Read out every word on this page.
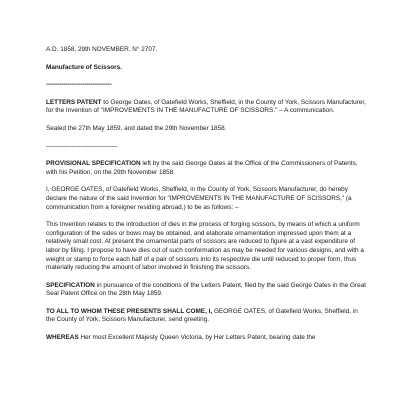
A.D. 1858, 29th NOVEMBER. N° 2707.

Manufacture of Scissors.

----------------------------------

LETTERS PATENT to George Oates, of Gatefield Works, Sheffield, in the County of York, Scissors Manufacturer, for the Invention of "IMPROVEMENTS IN THE MANUFACTURE OF SCISSORS." – A communication.

Sealed the 27th May 1859, and dated the 29th November 1858.

-------------------------------------

PROVISIONAL SPECIFICATION left by the said George Oates at the Office of the Commissioners of Patents, with his Petition, on the 29th November 1858.

I, GEORGE OATES, of Gatefield Works, Sheffield, in the County of York, Scissors Manufacturer, do hereby declare the nature of the said Invention for "IMPROVEMENTS IN THE MANUFACTURE OF SCISSORS," (a communication from a foreigner residing abroad,) to be as follows: –

This Invention relates to the introduction of dies in the process of forging scissors, by means of which a uniform configuration of the sides or bows may be obtained, and elaborate ornamentation impressed upon them at a relatively small cost. At present the ornamental parts of scissors are reduced to figure at a vast expenditure of labor by filing. I propose to have dies cut of such conformation as may be needed for various designs, and with a weight or stamp to force each half of a pair of scissors into its respective die until reduced to proper form, thus materially reducing the amount of labor involved in finishing the scissors.

SPECIFICATION in pursuance of the conditions of the Letters Patent, filed by the said George Oates in the Great Seal Patent Office on the 28th May 1859.

TO ALL TO WHOM THESE PRESENTS SHALL COME, I, GEORGE OATES, of Gatefield Works, Sheffield, in the County of York, Scissors Manufacturer, send greeting.

WHEREAS Her most Excellent Majesty Queen Victoria, by Her Letters Patent, bearing date the
